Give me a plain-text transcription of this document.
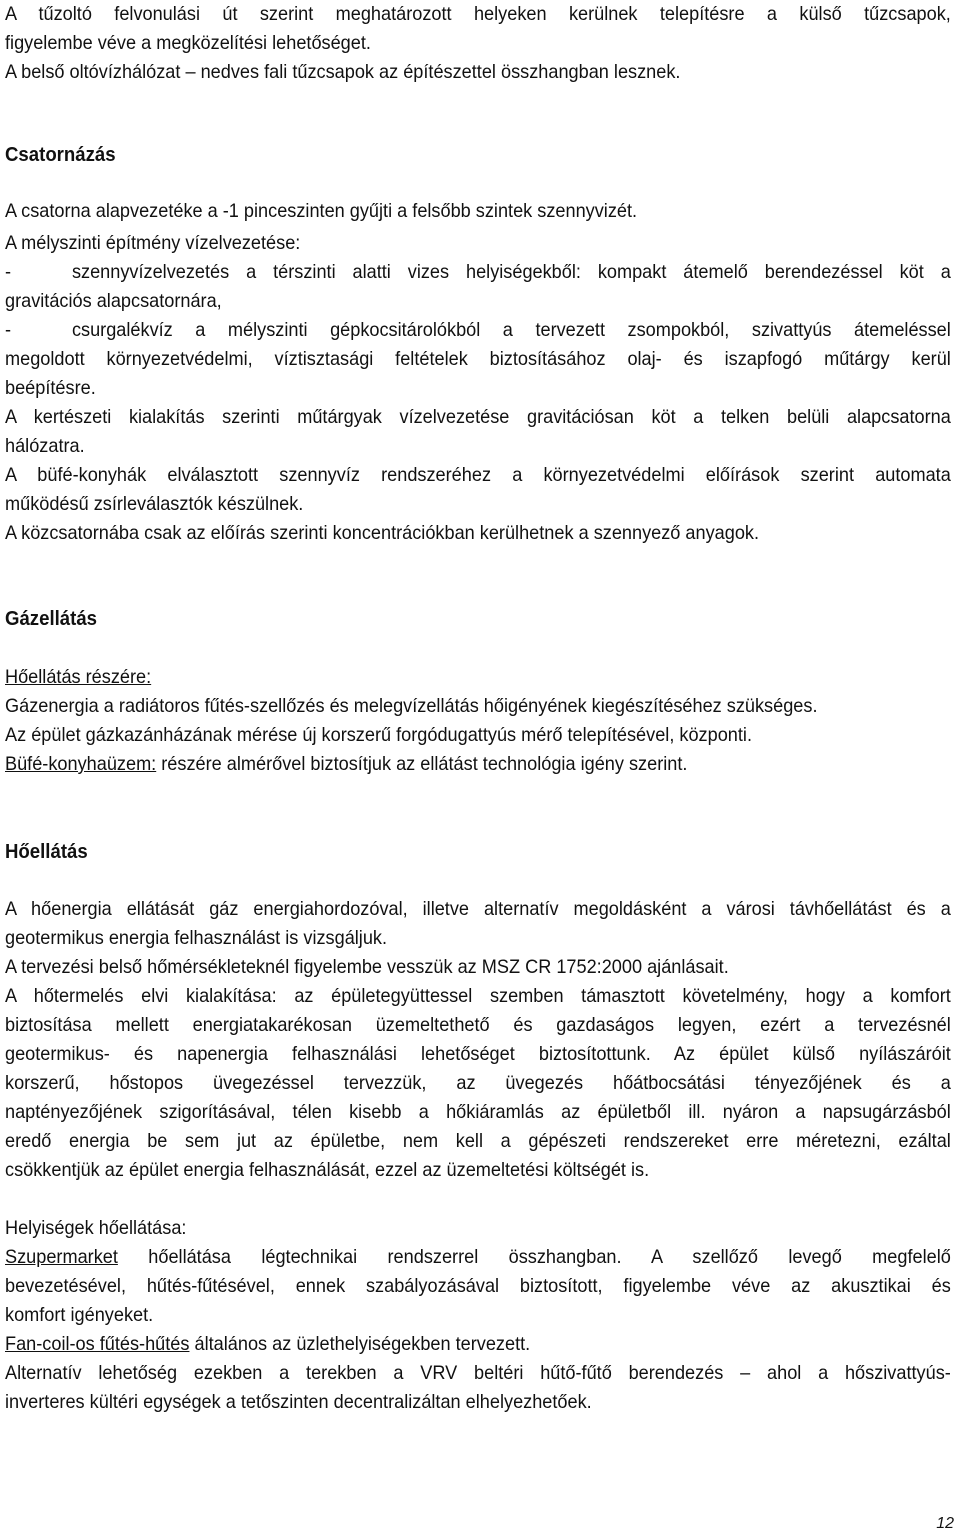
A tűzoltó felvonulási út szerint meghatározott helyeken kerülnek telepítésre a külső tűzcsapok,
figyelembe véve a megközelítési lehetőséget.
A belső oltóvízhálózat – nedves fali tűzcsapok az építészettel összhangban lesznek.
Csatornázás
A csatorna alapvezetéke a -1 pinceszinten gyűjti a felsőbb szintek szennyvizét.
A mélyszinti építmény vízelvezetése:
-	szennyvízelvezetés a térszinti alatti vizes helyiségekből: kompakt átemelő berendezéssel köt a
gravitációs alapcsatornára,
-	csurgalékvíz a mélyszinti gépkocsitárolókból a tervezett zsompokból, szivattyús átemeléssel
megoldott környezetvédelmi, víztisztasági feltételek biztosításához olaj- és iszapfogó műtárgy kerül
beépítésre.
A kertészeti kialakítás szerinti műtárgyak vízelvezetése gravitációsan köt a telken belüli alapcsatorna
hálózatra.
A büfé-konyhák elválasztott szennyvíz rendszeréhez a környezetvédelmi előírások szerint automata
működésű zsírleválasztók készülnek.
A közcsatornába csak az előírás szerinti koncentrációkban kerülhetnek a szennyező anyagok.
Gázellátás
Hőellátás részére:
Gázenergia a radiátoros fűtés-szellőzés és melegvízellátás hőigényének kiegészítéséhez szükséges.
Az épület gázkazánházának mérése új korszerű forgódugattyús mérő telepítésével, központi.
Büfé-konyhaüzem: részére almérővel biztosítjuk az ellátást technológia igény szerint.
Hőellátás
A hőenergia ellátását gáz energiahordozóval, illetve alternatív megoldásként a városi távhőellátást és a
geotermikus energia felhasználást is vizsgáljuk.
A tervezési belső hőmérsékleteknél figyelembe vesszük az MSZ CR 1752:2000 ajánlásait.
A hőtermelés elvi kialakítása: az épületegyüttessel szemben támasztott követelmény, hogy a komfort
biztosítása mellett energiatakarékosan üzemeltethető és gazdaságos legyen, ezért a tervezésnél
geotermikus- és napenergia felhasználási lehetőséget biztosítottunk. Az épület külső nyílászáróit
korszerű, hőstopos üvegezéssel tervezzük, az üvegezés hőátbocsátási tényezőjének és a
naptényezőjének szigorításával, télen kisebb a hőkiáramlás az épületből ill. nyáron a napsugárzásból
eredő energia be sem jut az épületbe, nem kell a gépészeti rendszereket erre méretezni, ezáltal
csökkentjük az épület energia felhasználását, ezzel az üzemeltetési költségét is.
Helyiségek hőellátása:
Szupermarket hőellátása légtechnikai rendszerrel összhangban. A szellőző levegő megfelelő
bevezetésével, hűtés-fűtésével, ennek szabályozásával biztosított, figyelembe véve az akusztikai és
komfort igényeket.
Fan-coil-os fűtés-hűtés általános az üzlethelyiségekben tervezett.
Alternatív lehetőség ezekben a terekben a VRV beltéri hűtő-fűtő berendezés – ahol a hőszivattyús-
inverteres kültéri egységek a tetőszinten decentralizáltan elhelyezhetőek.
12
